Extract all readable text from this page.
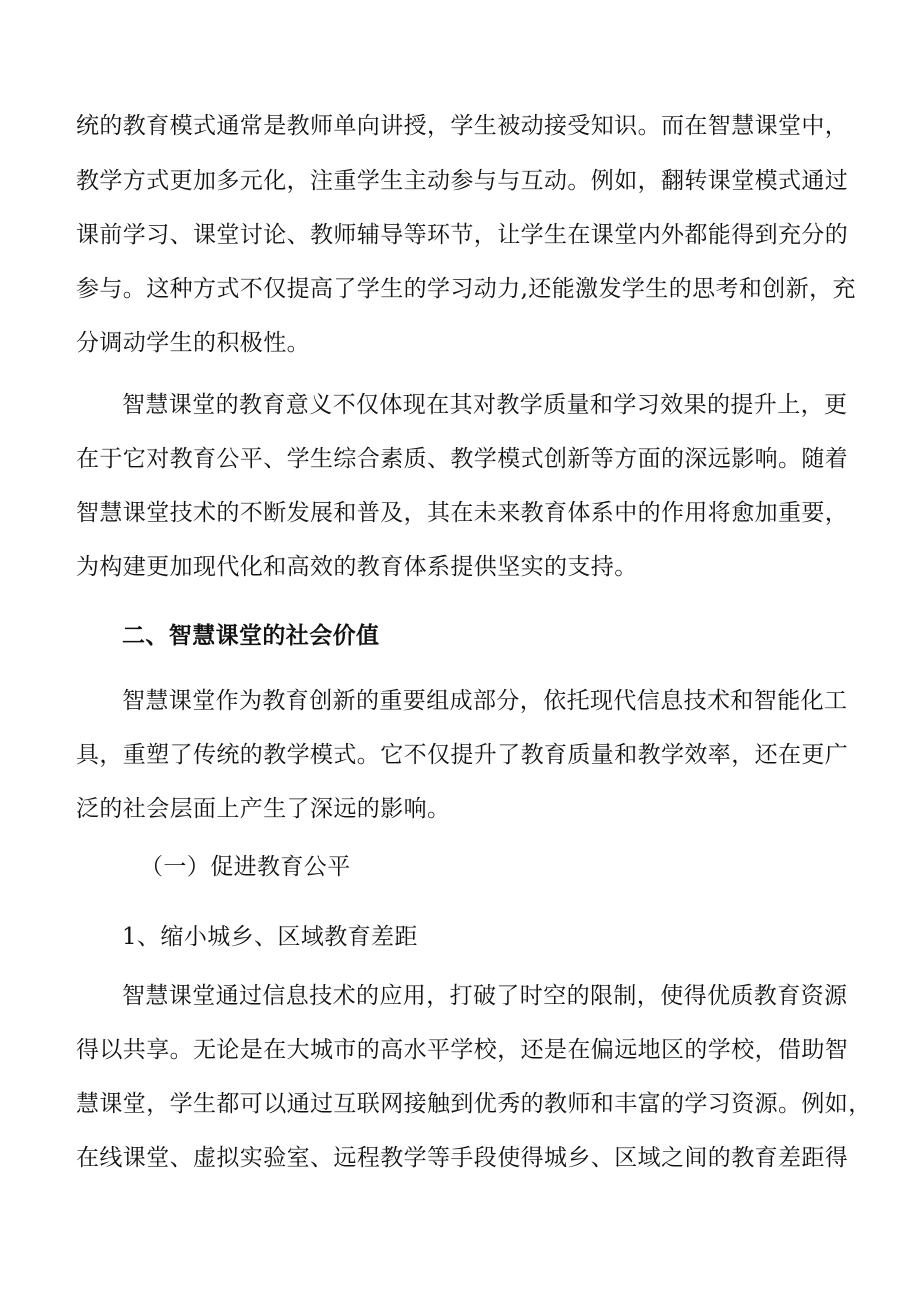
统的教育模式通常是教师单向讲授，学生被动接受知识。而在智慧课堂中，
教学方式更加多元化，注重学生主动参与与互动。例如，翻转课堂模式通过
课前学习、课堂讨论、教师辅导等环节，让学生在课堂内外都能得到充分的
参与。这种方式不仅提高了学生的学习动力,还能激发学生的思考和创新，充
分调动学生的积极性。
智慧课堂的教育意义不仅体现在其对教学质量和学习效果的提升上，更
在于它对教育公平、学生综合素质、教学模式创新等方面的深远影响。随着
智慧课堂技术的不断发展和普及，其在未来教育体系中的作用将愈加重要，
为构建更加现代化和高效的教育体系提供坚实的支持。
二、智慧课堂的社会价值
智慧课堂作为教育创新的重要组成部分，依托现代信息技术和智能化工
具，重塑了传统的教学模式。它不仅提升了教育质量和教学效率，还在更广
泛的社会层面上产生了深远的影响。
（一）促进教育公平
1、缩小城乡、区域教育差距
智慧课堂通过信息技术的应用，打破了时空的限制，使得优质教育资源
得以共享。无论是在大城市的高水平学校，还是在偏远地区的学校，借助智
慧课堂，学生都可以通过互联网接触到优秀的教师和丰富的学习资源。例如，
在线课堂、虚拟实验室、远程教学等手段使得城乡、区域之间的教育差距得
